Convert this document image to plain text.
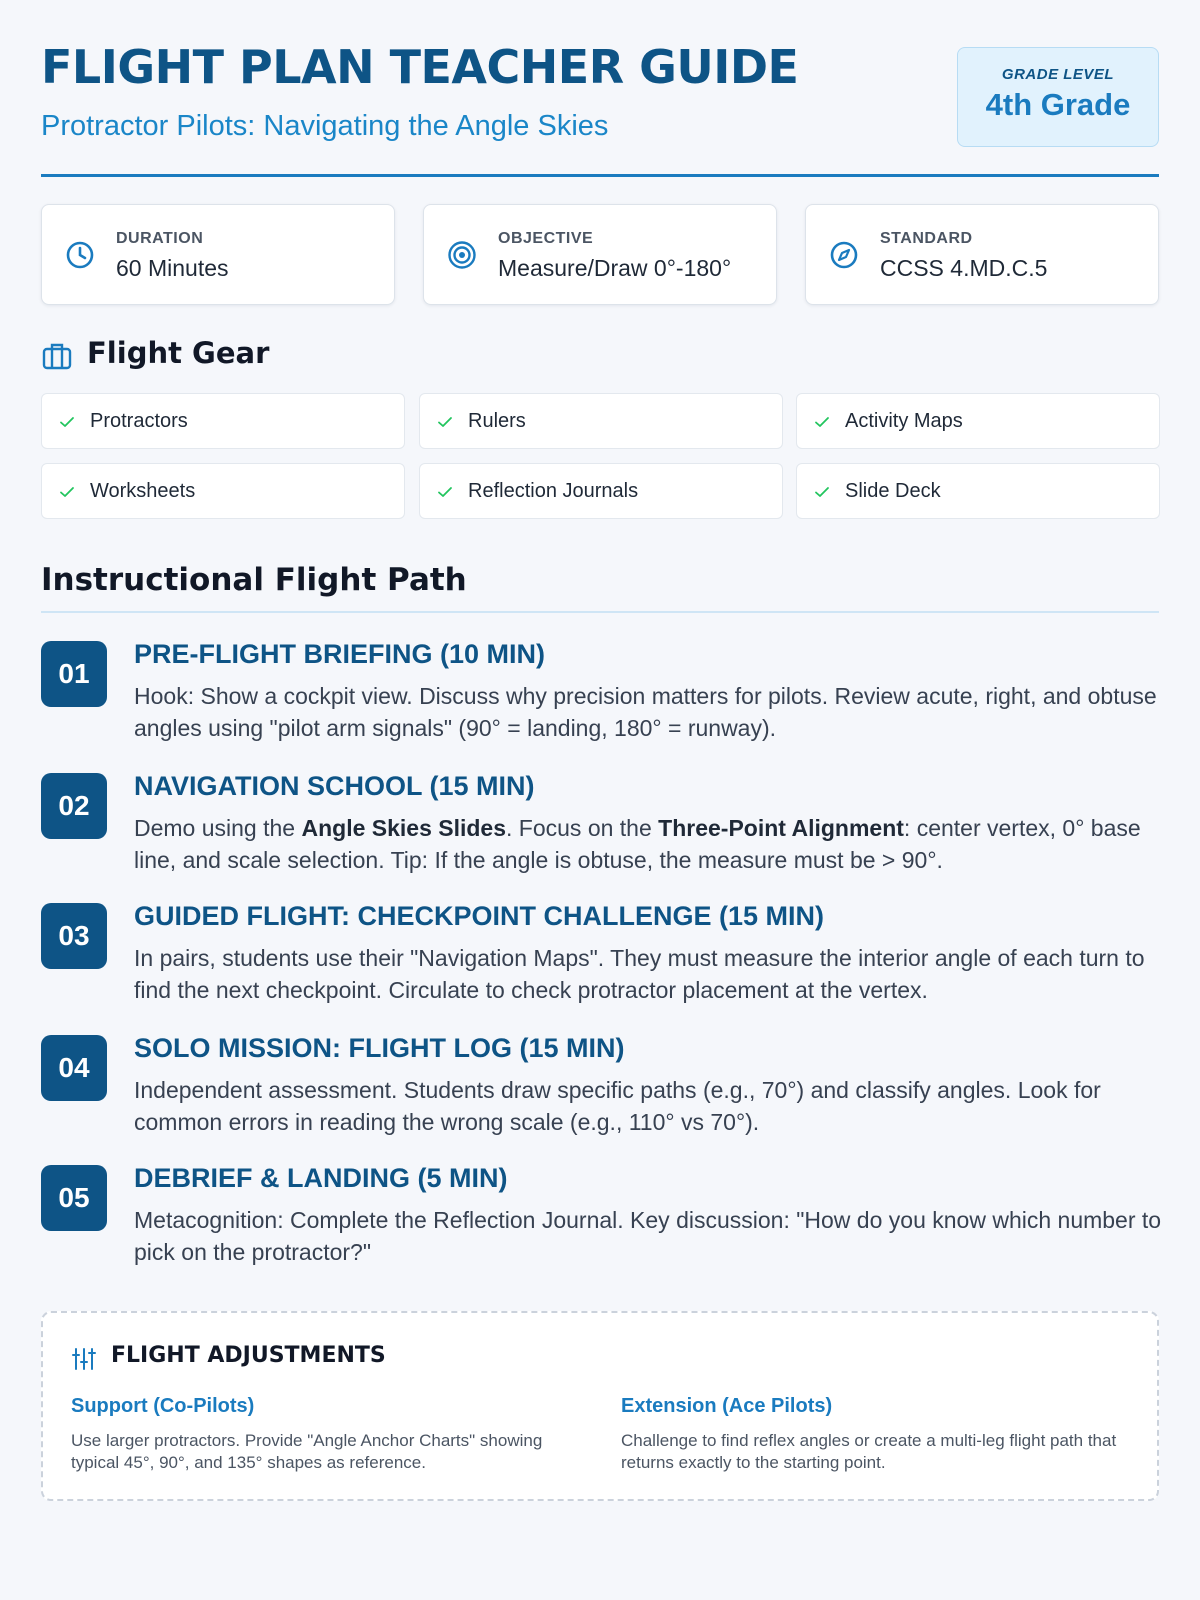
FLIGHT PLAN TEACHER GUIDE
Protractor Pilots: Navigating the Angle Skies
GRADE LEVEL
4th Grade
DURATION
60 Minutes
OBJECTIVE
Measure/Draw 0°-180°
STANDARD
CCSS 4.MD.C.5
Flight Gear
Protractors	Rulers	Activity Maps
Worksheets	Reflection Journals	Slide Deck
Instructional Flight Path
01
PRE-FLIGHT BRIEFING (10 MIN)

Hook: Show a cockpit view. Discuss why precision matters for pilots. Review acute, right, and obtuse angles using "pilot arm signals" (90° = landing, 180° = runway).

02
NAVIGATION SCHOOL (15 MIN)

Demo using the Angle Skies Slides. Focus on the Three-Point Alignment: center vertex, 0° base line, and scale selection. Tip: If the angle is obtuse, the measure must be > 90°.

03
GUIDED FLIGHT: CHECKPOINT CHALLENGE (15 MIN)

In pairs, students use their "Navigation Maps". They must measure the interior angle of each turn to find the next checkpoint. Circulate to check protractor placement at the vertex.

04
SOLO MISSION: FLIGHT LOG (15 MIN)

Independent assessment. Students draw specific paths (e.g., 70°) and classify angles. Look for common errors in reading the wrong scale (e.g., 110° vs 70°).

05
DEBRIEF & LANDING (5 MIN)

Metacognition: Complete the Reflection Journal. Key discussion: "How do you know which number to pick on the protractor?"

FLIGHT ADJUSTMENTS
Support (Co-Pilots)

Use larger protractors. Provide "Angle Anchor Charts" showing typical 45°, 90°, and 135° shapes as reference.

Extension (Ace Pilots)

Challenge to find reflex angles or create a multi-leg flight path that returns exactly to the starting point.
